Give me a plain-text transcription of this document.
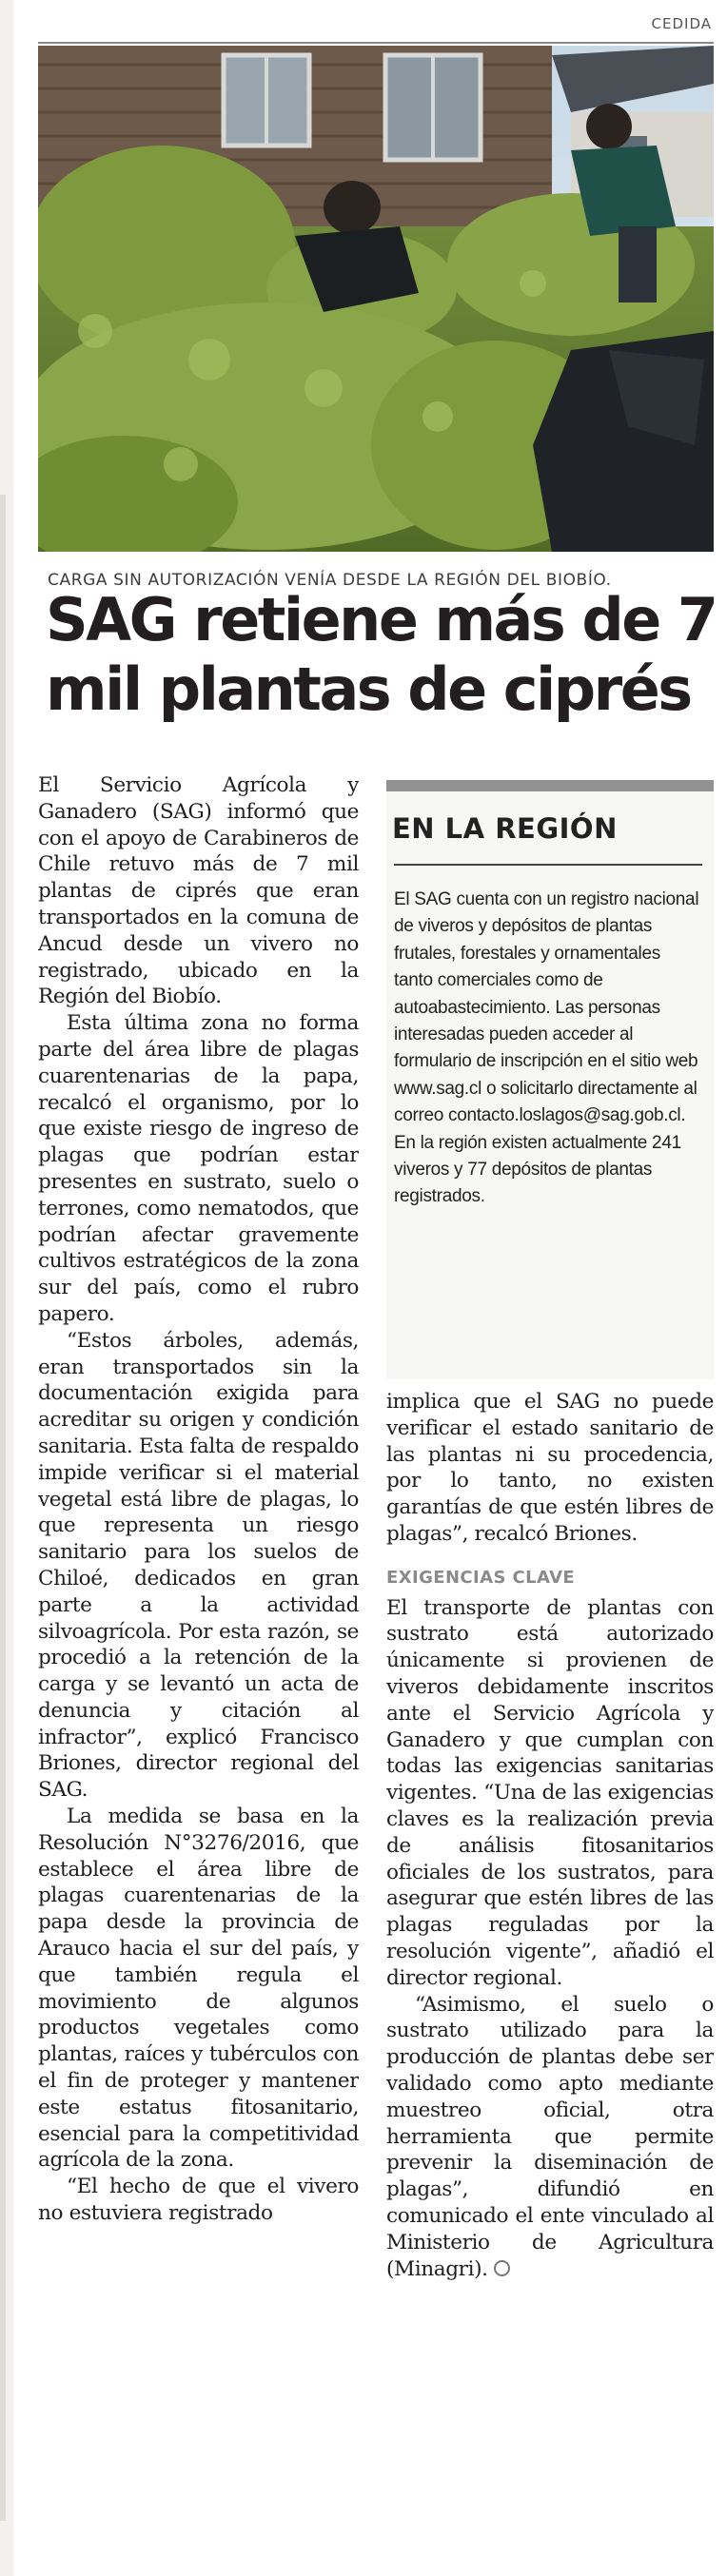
CEDIDA
CARGA SIN AUTORIZACIÓN VENÍA DESDE LA REGIÓN DEL BIOBÍO.
SAG retiene más de 7 mil plantas de ciprés

El Servicio Agrícola y Ganadero (SAG) informó que con el apoyo de Carabineros de Chile retuvo más de 7 mil plantas de ciprés que eran transportados en la comuna de Ancud desde un vivero no registrado, ubicado en la Región del Biobío.

Esta última zona no forma parte del área libre de plagas cuarentenarias de la papa, recalcó el organismo, por lo que existe riesgo de ingreso de plagas que podrían estar presentes en sustrato, suelo o terrones, como nematodos, que podrían afectar gravemente cultivos estratégicos de la zona sur del país, como el rubro papero.

“Estos árboles, además, eran transportados sin la documentación exigida para acreditar su origen y condición sanitaria. Esta falta de respaldo impide verificar si el material vegetal está libre de plagas, lo que representa un riesgo sanitario para los suelos de Chiloé, dedicados en gran parte a la actividad silvoagrícola. Por esta razón, se procedió a la retención de la carga y se levantó un acta de denuncia y citación al infractor”, explicó Francisco Briones, director regional del SAG.

La medida se basa en la Resolución N°3276/2016, que establece el área libre de plagas cuarentenarias de la papa desde la provincia de Arauco hacia el sur del país, y que también regula el movimiento de algunos productos vegetales como plantas, raíces y tubérculos con el fin de proteger y mantener este estatus fitosanitario, esencial para la competitividad agrícola de la zona.

“El hecho de que el vivero no estuviera registrado

EN LA REGIÓN

El SAG cuenta con un registro nacional de viveros y depósitos de plantas frutales, forestales y ornamentales tanto comerciales como de autoabastecimiento. Las personas interesadas pueden acceder al formulario de inscripción en el sitio web www.sag.cl o solicitarlo directamente al correo contacto.loslagos@sag.gob.cl.

En la región existen actualmente 241 viveros y 77 depósitos de plantas registrados.

implica que el SAG no puede verificar el estado sanitario de las plantas ni su procedencia, por lo tanto, no existen garantías de que estén libres de plagas”, recalcó Briones.

EXIGENCIAS CLAVE

El transporte de plantas con sustrato está autorizado únicamente si provienen de viveros debidamente inscritos ante el Servicio Agrícola y Ganadero y que cumplan con todas las exigencias sanitarias vigentes. “Una de las exigencias claves es la realización previa de análisis fitosanitarios oficiales de los sustratos, para asegurar que estén libres de las plagas reguladas por la resolución vigente”, añadió el director regional.

“Asimismo, el suelo o sustrato utilizado para la producción de plantas debe ser validado como apto mediante muestreo oficial, otra herramienta que permite prevenir la diseminación de plagas”, difundió en comunicado el ente vinculado al Ministerio de Agricultura (Minagri).
